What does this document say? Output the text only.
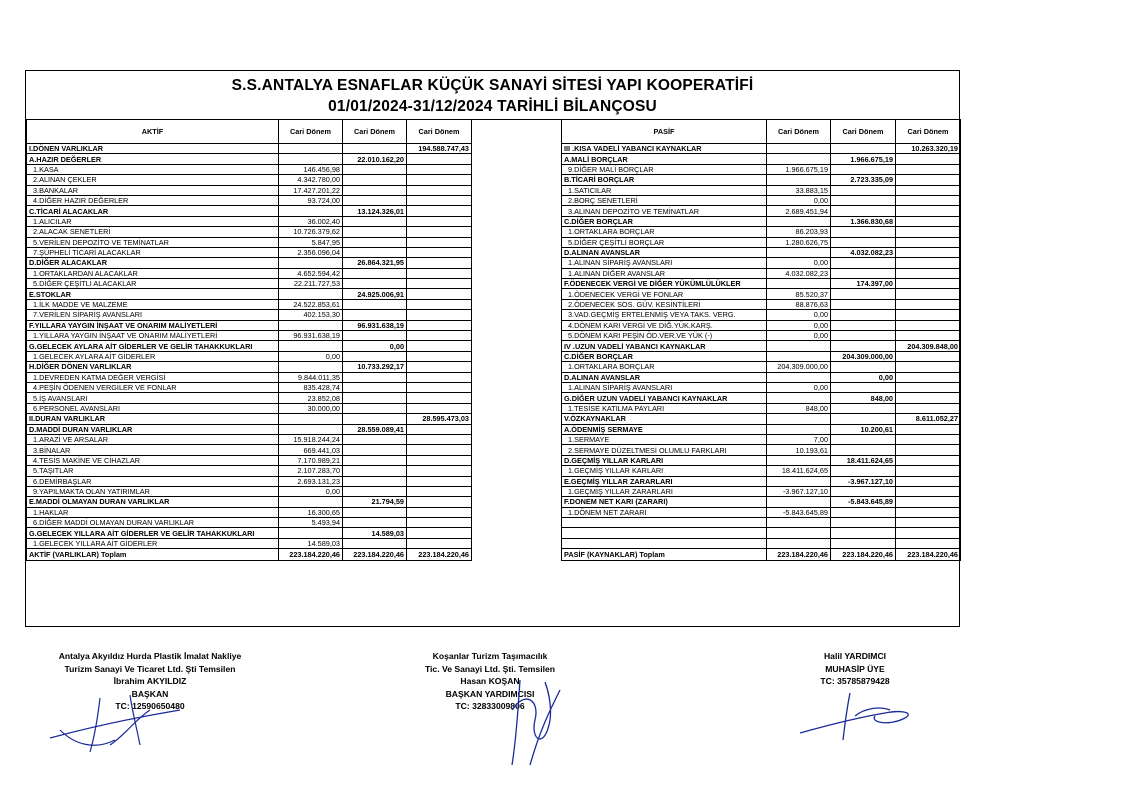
S.S.ANTALYA ESNAFLAR KÜÇÜK SANAYİ SİTESİ YAPI KOOPERATİFİ
01/01/2024-31/12/2024 TARİHLİ BİLANÇOSU
AKTİF	Cari Dönem	Cari Dönem	Cari Dönem
I.DÖNEN VARLIKLAR			194.588.747,43
A.HAZIR DEĞERLER		22.010.162,20	
1.KASA	146.456,98		
2.ALINAN ÇEKLER	4.342.780,00		
3.BANKALAR	17.427.201,22		
4.DİĞER HAZIR DEĞERLER	93.724,00		
C.TİCARİ ALACAKLAR		13.124.326,01	
1.ALICILAR	36.002,40		
2.ALACAK SENETLERİ	10.726.379,62		
5.VERİLEN DEPOZİTO VE TEMİNATLAR	5.847,95		
7.ŞÜPHELİ TİCARİ ALACAKLAR	2.356.096,04		
D.DİĞER ALACAKLAR		26.864.321,95	
1.ORTAKLARDAN ALACAKLAR	4.652.594,42		
5.DİĞER ÇEŞİTLİ ALACAKLAR	22.211.727,53		
E.STOKLAR		24.925.006,91	
1.İLK MADDE VE MALZEME	24.522.853,61		
7.VERİLEN SİPARİŞ AVANSLARI	402.153,30		
F.YILLARA YAYGIN İNŞAAT VE ONARIM MALİYETLERİ		96.931.638,19	
1.YILLARA YAYGIN İNŞAAT VE ONARIM MALİYETLERİ	96.931.638,19		
G.GELECEK AYLARA AİT GİDERLER VE GELİR TAHAKKUKLARI		0,00	
1.GELECEK AYLARA AİT GİDERLER	0,00		
H.DİĞER DÖNEN VARLIKLAR		10.733.292,17	
1.DEVREDEN KATMA DEĞER VERGİSİ	9.844.011,35		
4.PEŞİN ÖDENEN VERGİLER VE FONLAR	835.428,74		
5.İŞ AVANSLARI	23.852,08		
6.PERSONEL AVANSLARI	30.000,00		
II.DURAN VARLIKLAR			28.595.473,03
D.MADDİ DURAN VARLIKLAR		28.559.089,41	
1.ARAZİ VE ARSALAR	15.918.244,24		
3.BİNALAR	669.441,03		
4.TESİS MAKİNE VE CİHAZLAR	7.170.989,21		
5.TAŞITLAR	2.107.283,70		
6.DEMİRBAŞLAR	2.693.131,23		
9.YAPILMAKTA OLAN YATIRIMLAR	0,00		
E.MADDİ OLMAYAN DURAN VARLIKLAR		21.794,59	
1.HAKLAR	16.300,65		
6.DİĞER MADDİ OLMAYAN DURAN VARLIKLAR	5.493,94		
G.GELECEK YILLARA AİT GİDERLER VE GELİR TAHAKKUKLARI		14.589,03	
1.GELECEK YILLARA AİT GİDERLER	14.589,03		
AKTİF (VARLIKLAR) Toplam	223.184.220,46	223.184.220,46	223.184.220,46
PASİF	Cari Dönem	Cari Dönem	Cari Dönem
III .KISA VADELİ YABANCI KAYNAKLAR			10.263.320,19
A.MALİ BORÇLAR		1.966.675,19	
9.DİĞER MALİ BORÇLAR	1.966.675,19		
B.TİCARİ BORÇLAR		2.723.335,09	
1.SATICILAR	33.883,15		
2.BORÇ SENETLERİ	0,00		
3.ALINAN DEPOZİTO VE TEMİNATLAR	2.689.451,94		
C.DİĞER BORÇLAR		1.366.830,68	
1.ORTAKLARA BORÇLAR	86.203,93		
5.DİĞER ÇEŞİTLİ BORÇLAR	1.280.626,75		
D.ALINAN AVANSLAR		4.032.082,23	
1.ALINAN SİPARİŞ AVANSLARI	0,00		
1.ALINAN DİĞER AVANSLAR	4.032.082,23		
F.ÖDENECEK VERGİ VE DİĞER YÜKÜMLÜLÜKLER		174.397,00	
1.ÖDENECEK VERGİ VE FONLAR	85.520,37		
2.ÖDENECEK SOS. GÜV. KESİNTİLERİ	88.876,63		
3.VAD.GEÇMİŞ ERTELENMİŞ VEYA TAKS. VERG.	0,00		
4.DÖNEM KARI VERGİ VE DİĞ.YÜK.KARŞ.	0,00		
5.DÖNEM KARI PEŞİN ÖD.VER.VE YÜK (-)	0,00		
IV .UZUN VADELİ YABANCI KAYNAKLAR			204.309.848,00
C.DİĞER BORÇLAR		204.309.000,00	
1.ORTAKLARA BORÇLAR	204.309.000,00		
D.ALINAN AVANSLAR		0,00	
1.ALINAN SİPARİŞ AVANSLARI	0,00		
G.DİĞER UZUN VADELİ YABANCI KAYNAKLAR		848,00	
1.TESİSE KATILMA PAYLARI	848,00		
V.ÖZKAYNAKLAR			8.611.052,27
A.ÖDENMİŞ SERMAYE		10.200,61	
1.SERMAYE	7,00		
2.SERMAYE DÜZELTMESİ OLUMLU FARKLARI	10.193,61		
D.GEÇMİŞ YILLAR KARLARI		18.411.624,65	
1.GEÇMİŞ YILLAR KARLARI	18.411.624,65		
E.GEÇMİŞ YILLAR ZARARLARI		-3.967.127,10	
1.GEÇMİŞ YILLAR ZARARLARI	-3.967.127,10		
F.DONEM NET KARI (ZARARI)		-5.843.645,89	
1.DÖNEM NET ZARARI	-5.843.645,89		

PASİF (KAYNAKLAR) Toplam	223.184.220,46	223.184.220,46	223.184.220,46
Antalya Akyıldız Hurda Plastik İmalat Nakliye
Turizm Sanayi Ve Ticaret Ltd. Şti Temsilen
İbrahim AKYILDIZ
BAŞKAN
TC: 12590650480
Koşanlar Turizm Taşımacılık
Tic. Ve Sanayi Ltd. Şti. Temsilen
Hasan KOŞAN
BAŞKAN YARDIMCISI
TC: 32833009806
Halil YARDIMCI
MUHASİP ÜYE
TC: 35785879428
